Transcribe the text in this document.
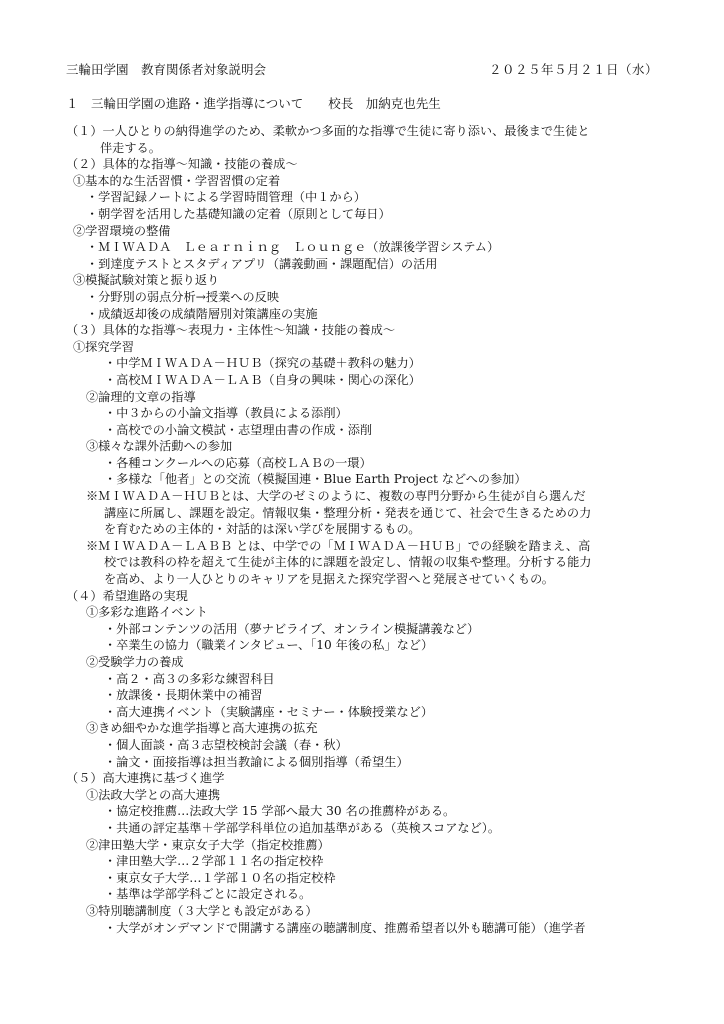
三輪田学園　教育関係者対象説明会	２０２５年５月２１日（水）
１　三輪田学園の進路・進学指導について　　校長　加納克也先生
（１）一人ひとりの納得進学のため、柔軟かつ多面的な指導で生徒に寄り添い、最後まで生徒と
伴走する。
（２）具体的な指導～知識・技能の養成～
①基本的な生活習慣・学習習慣の定着
・学習記録ノートによる学習時間管理（中１から）
・朝学習を活用した基礎知識の定着（原則として毎日）
②学習環境の整備
・ＭＩＷＡＤＡ　Ｌｅａｒｎｉｎｇ　Ｌｏｕｎｇｅ（放課後学習システム）
・到達度テストとスタディアプリ（講義動画・課題配信）の活用
③模擬試験対策と振り返り
・分野別の弱点分析→授業への反映
・成績返却後の成績階層別対策講座の実施
（３）具体的な指導～表現力・主体性～知識・技能の養成～
①探究学習
・中学ＭＩＷＡＤＡ－ＨＵＢ（探究の基礎＋教科の魅力）
・高校ＭＩＷＡＤＡ－ＬＡＢ（自身の興味・関心の深化）
②論理的文章の指導
・中３からの小論文指導（教員による添削）
・高校での小論文模試・志望理由書の作成・添削
③様々な課外活動への参加
・各種コンクールへの応募（高校ＬＡＢの一環）
・多様な「他者」との交流（模擬国連・Blue Earth Project などへの参加）
※ＭＩＷＡＤＡ－ＨＵＢとは、大学のゼミのように、複数の専門分野から生徒が自ら選んだ
講座に所属し、課題を設定。情報収集・整理分析・発表を通じて、社会で生きるための力
を育むための主体的・対話的は深い学びを展開するもの。
※ＭＩＷＡＤＡ－ＬＡＢＢ とは、中学での「ＭＩＷＡＤＡ－ＨＵＢ」での経験を踏まえ、高
校では教科の枠を超えて生徒が主体的に課題を設定し、情報の収集や整理。分析する能力
を高め、より一人ひとりのキャリアを見据えた探究学習へと発展させていくもの。
（４）希望進路の実現
①多彩な進路イベント
・外部コンテンツの活用（夢ナビライブ、オンライン模擬講義など）
・卒業生の協力（職業インタビュー、「10 年後の私」など）
②受験学力の養成
・高２・高３の多彩な練習科目
・放課後・長期休業中の補習
・高大連携イベント（実験講座・セミナー・体験授業など）
③きめ細やかな進学指導と高大連携の拡充
・個人面談・高３志望校検討会議（春・秋）
・論文・面接指導は担当教諭による個別指導（希望生）
（５）高大連携に基づく進学
①法政大学との高大連携
・協定校推薦…法政大学 15 学部へ最大 30 名の推薦枠がある。
・共通の評定基準＋学部学科単位の追加基準がある（英検スコアなど）。
②津田塾大学・東京女子大学（指定校推薦）
・津田塾大学…２学部１１名の指定校枠
・東京女子大学…１学部１０名の指定校枠
・基準は学部学科ごとに設定される。
③特別聴講制度（３大学とも設定がある）
・大学がオンデマンドで開講する講座の聴講制度、推薦希望者以外も聴講可能）（進学者
